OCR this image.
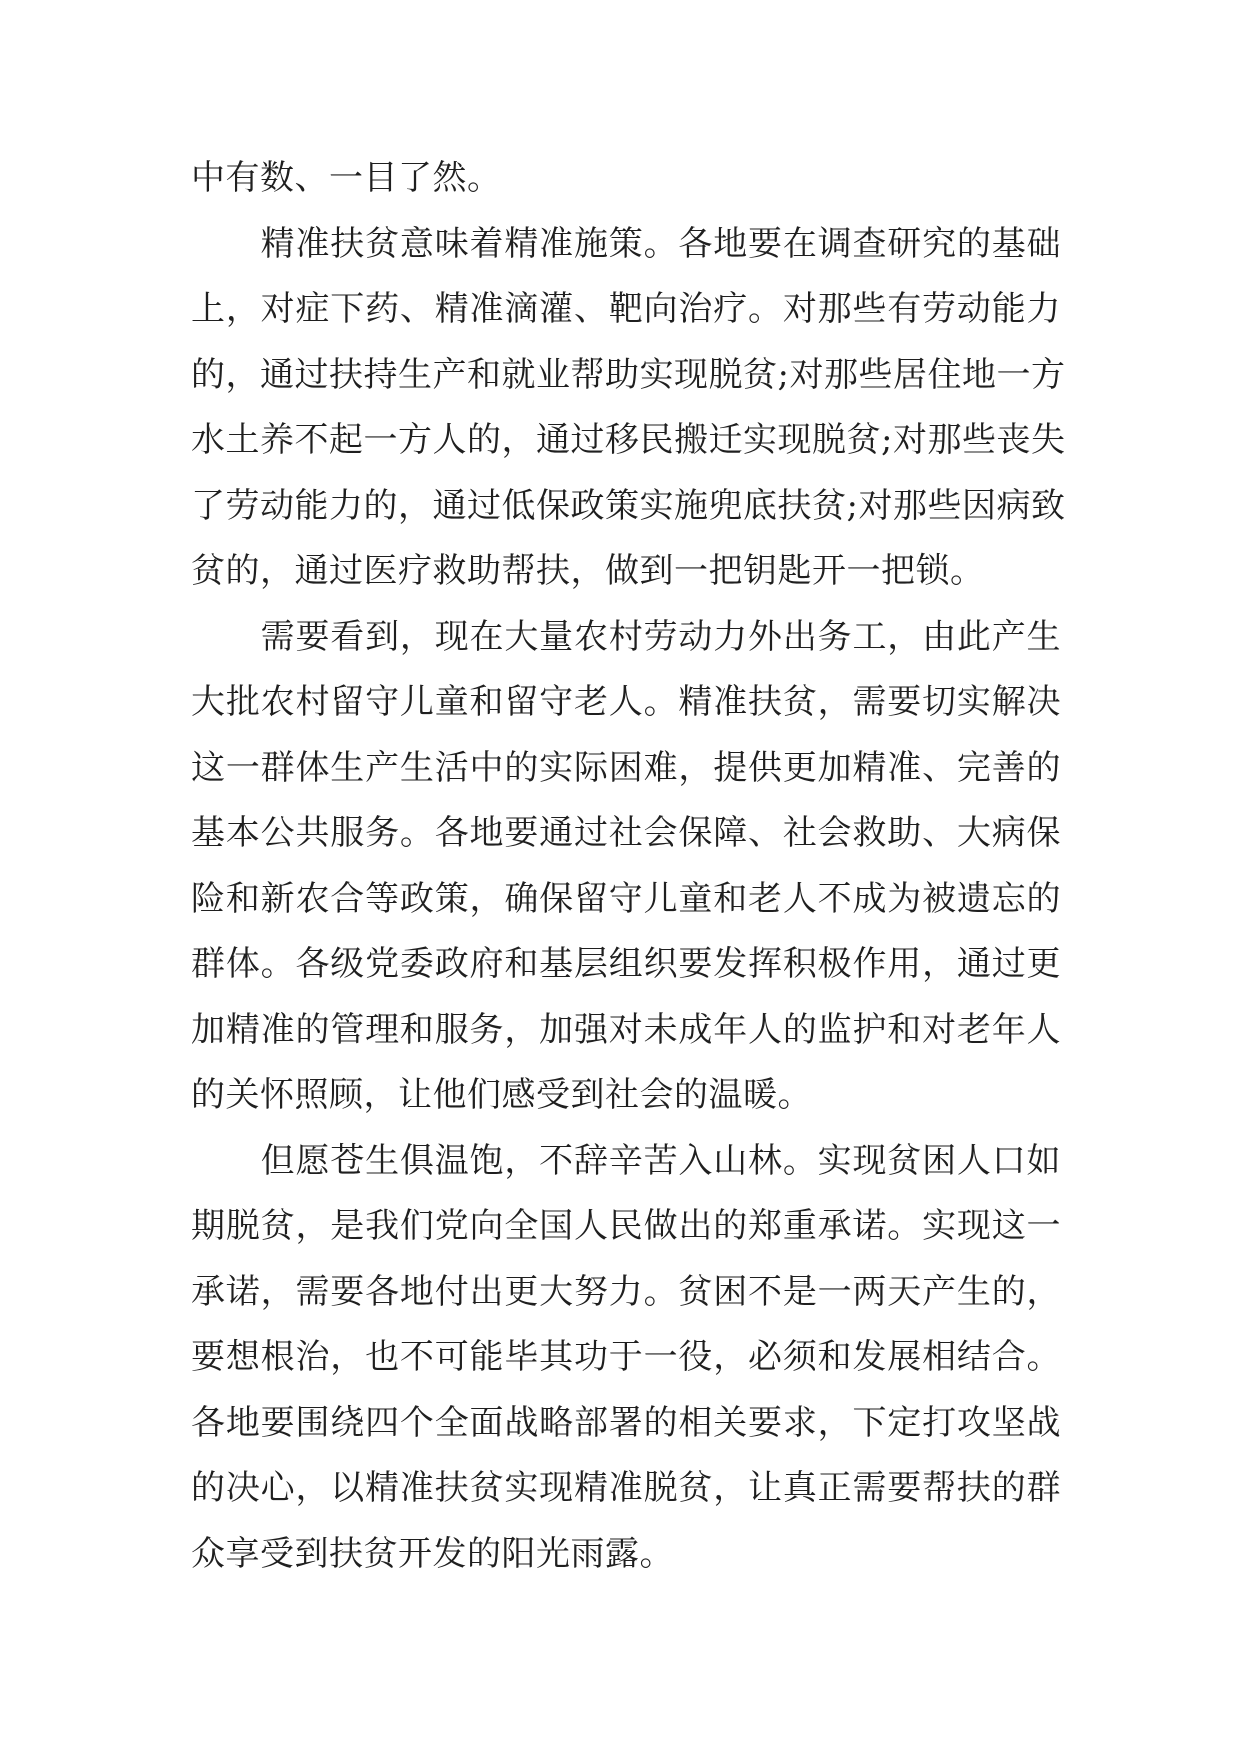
中有数、一目了然。

精 准 扶 贫 意 味 着 精 准 施 策 。 各 地 要 在 调 查 研 究 的 基 础
上 ， 对 症 下 药 、 精 准 滴 灌 、 靶 向 治 疗 。 对 那 些 有 劳 动 能 力
的 ， 通 过 扶 持 生 产 和 就 业 帮 助 实 现 脱 贫 ; 对 那 些 居 住 地 一 方
水 土 养 不 起 一 方 人 的 ， 通 过 移 民 搬 迁 实 现 脱 贫 ; 对 那 些 丧 失
了 劳 动 能 力 的 ， 通 过 低 保 政 策 实 施 兜 底 扶 贫 ; 对 那 些 因 病 致
贫的，通过医疗救助帮扶，做到一把钥匙开一把锁。

需 要 看 到 ， 现 在 大 量 农 村 劳 动 力 外 出 务 工 ， 由 此 产 生
大 批 农 村 留 守 儿 童 和 留 守 老 人 。 精 准 扶 贫 ， 需 要 切 实 解 决
这 一 群 体 生 产 生 活 中 的 实 际 困 难 ， 提 供 更 加 精 准 、 完 善 的
基 本 公 共 服 务 。 各 地 要 通 过 社 会 保 障 、 社 会 救 助 、 大 病 保
险 和 新 农 合 等 政 策 ， 确 保 留 守 儿 童 和 老 人 不 成 为 被 遗 忘 的
群 体 。 各 级 党 委 政 府 和 基 层 组 织 要 发 挥 积 极 作 用 ， 通 过 更
加 精 准 的 管 理 和 服 务 ， 加 强 对 未 成 年 人 的 监 护 和 对 老 年 人
的关怀照顾，让他们感受到社会的温暖。

但 愿 苍 生 俱 温 饱 ， 不 辞 辛 苦 入 山 林 。 实 现 贫 困 人 口 如
期 脱 贫 ， 是 我 们 党 向 全 国 人 民 做 出 的 郑 重 承 诺 。 实 现 这 一
承 诺 ， 需 要 各 地 付 出 更 大 努 力 。 贫 困 不 是 一 两 天 产 生 的 ，
要 想 根 治 ， 也 不 可 能 毕 其 功 于 一 役 ， 必 须 和 发 展 相 结 合 。
各 地 要 围 绕 四 个 全 面 战 略 部 署 的 相 关 要 求 ， 下 定 打 攻 坚 战
的 决 心 ， 以 精 准 扶 贫 实 现 精 准 脱 贫 ， 让 真 正 需 要 帮 扶 的 群
众享受到扶贫开发的阳光雨露。
